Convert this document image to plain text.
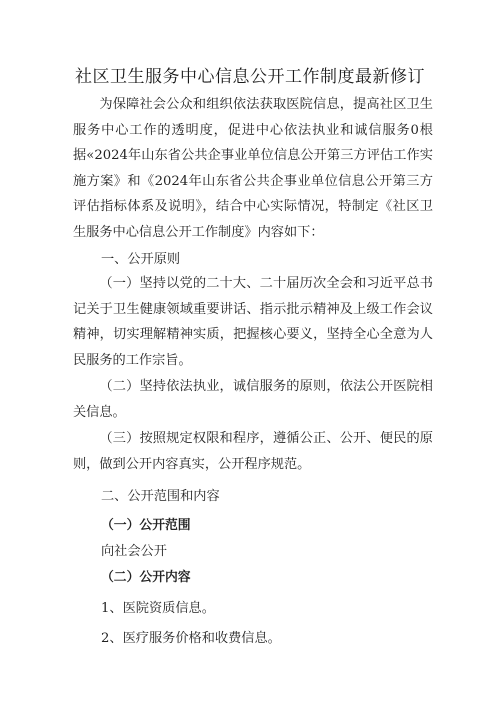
社区卫生服务中心信息公开工作制度最新修订
为保障社会公众和组织依法获取医院信息，提高社区卫生服务中心工作的透明度，促进中心依法执业和诚信服务0根据«2024年山东省公共企事业单位信息公开第三方评估工作实施方案》和《2024年山东省公共企事业单位信息公开第三方评估指标体系及说明》，结合中心实际情况，特制定《社区卫生服务中心信息公开工作制度》内容如下：
一、公开原则
（一）坚持以党的二十大、二十届历次全会和习近平总书记关于卫生健康领域重要讲话、指示批示精神及上级工作会议精神，切实理解精神实质，把握核心要义，坚持全心全意为人民服务的工作宗旨。
（二）坚持依法执业，诚信服务的原则，依法公开医院相关信息。
（三）按照规定权限和程序，遵循公正、公开、便民的原则，做到公开内容真实，公开程序规范。
二、公开范围和内容
（一）公开范围
向社会公开
（二）公开内容
1、医院资质信息。
2、医疗服务价格和收费信息。
